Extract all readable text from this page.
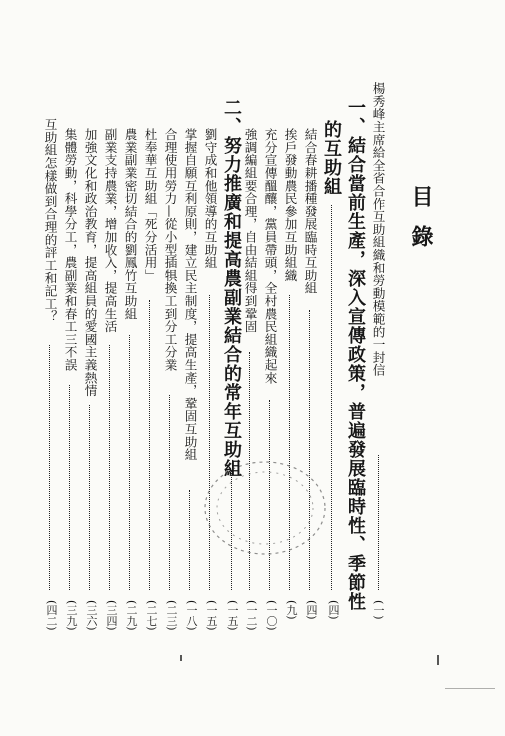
目錄
楊秀峰主席給全省合作互助組織和勞動模範的一封信
(一)
一、結合當前生產，深入宣傳政策，普遍發展臨時性、季節性
的互助組
(四)
結合春耕播種發展臨時互助組
(四)
挨戶發動農民參加互助組織
(九)
充分宣傳醞釀，黨員帶頭，全村農民組織起來
(一〇)
強調編組要合理，自由結組得到鞏固
(一二)
二、努力推廣和提高農副業結合的常年互助組
(一五)
劉守成和他領導的互助組
(一五)
掌握自願互利原則，建立民主制度，提高生產，鞏固互助組
(一八)
合理使用勞力—從小型插犋換工到分工分業
(二三)
杜奉華互助組「死分活用」
(二七)
農業副業密切結合的劉鳳竹互助組
(二九)
副業支持農業，增加收入，提高生活
(三四)
加強文化和政治教育，提高組員的愛國主義熱情
(三六)
集體勞動，科學分工，農副業和春工三不誤
(三九)
互助組怎樣做到合理的評工和記工？
(四二)
